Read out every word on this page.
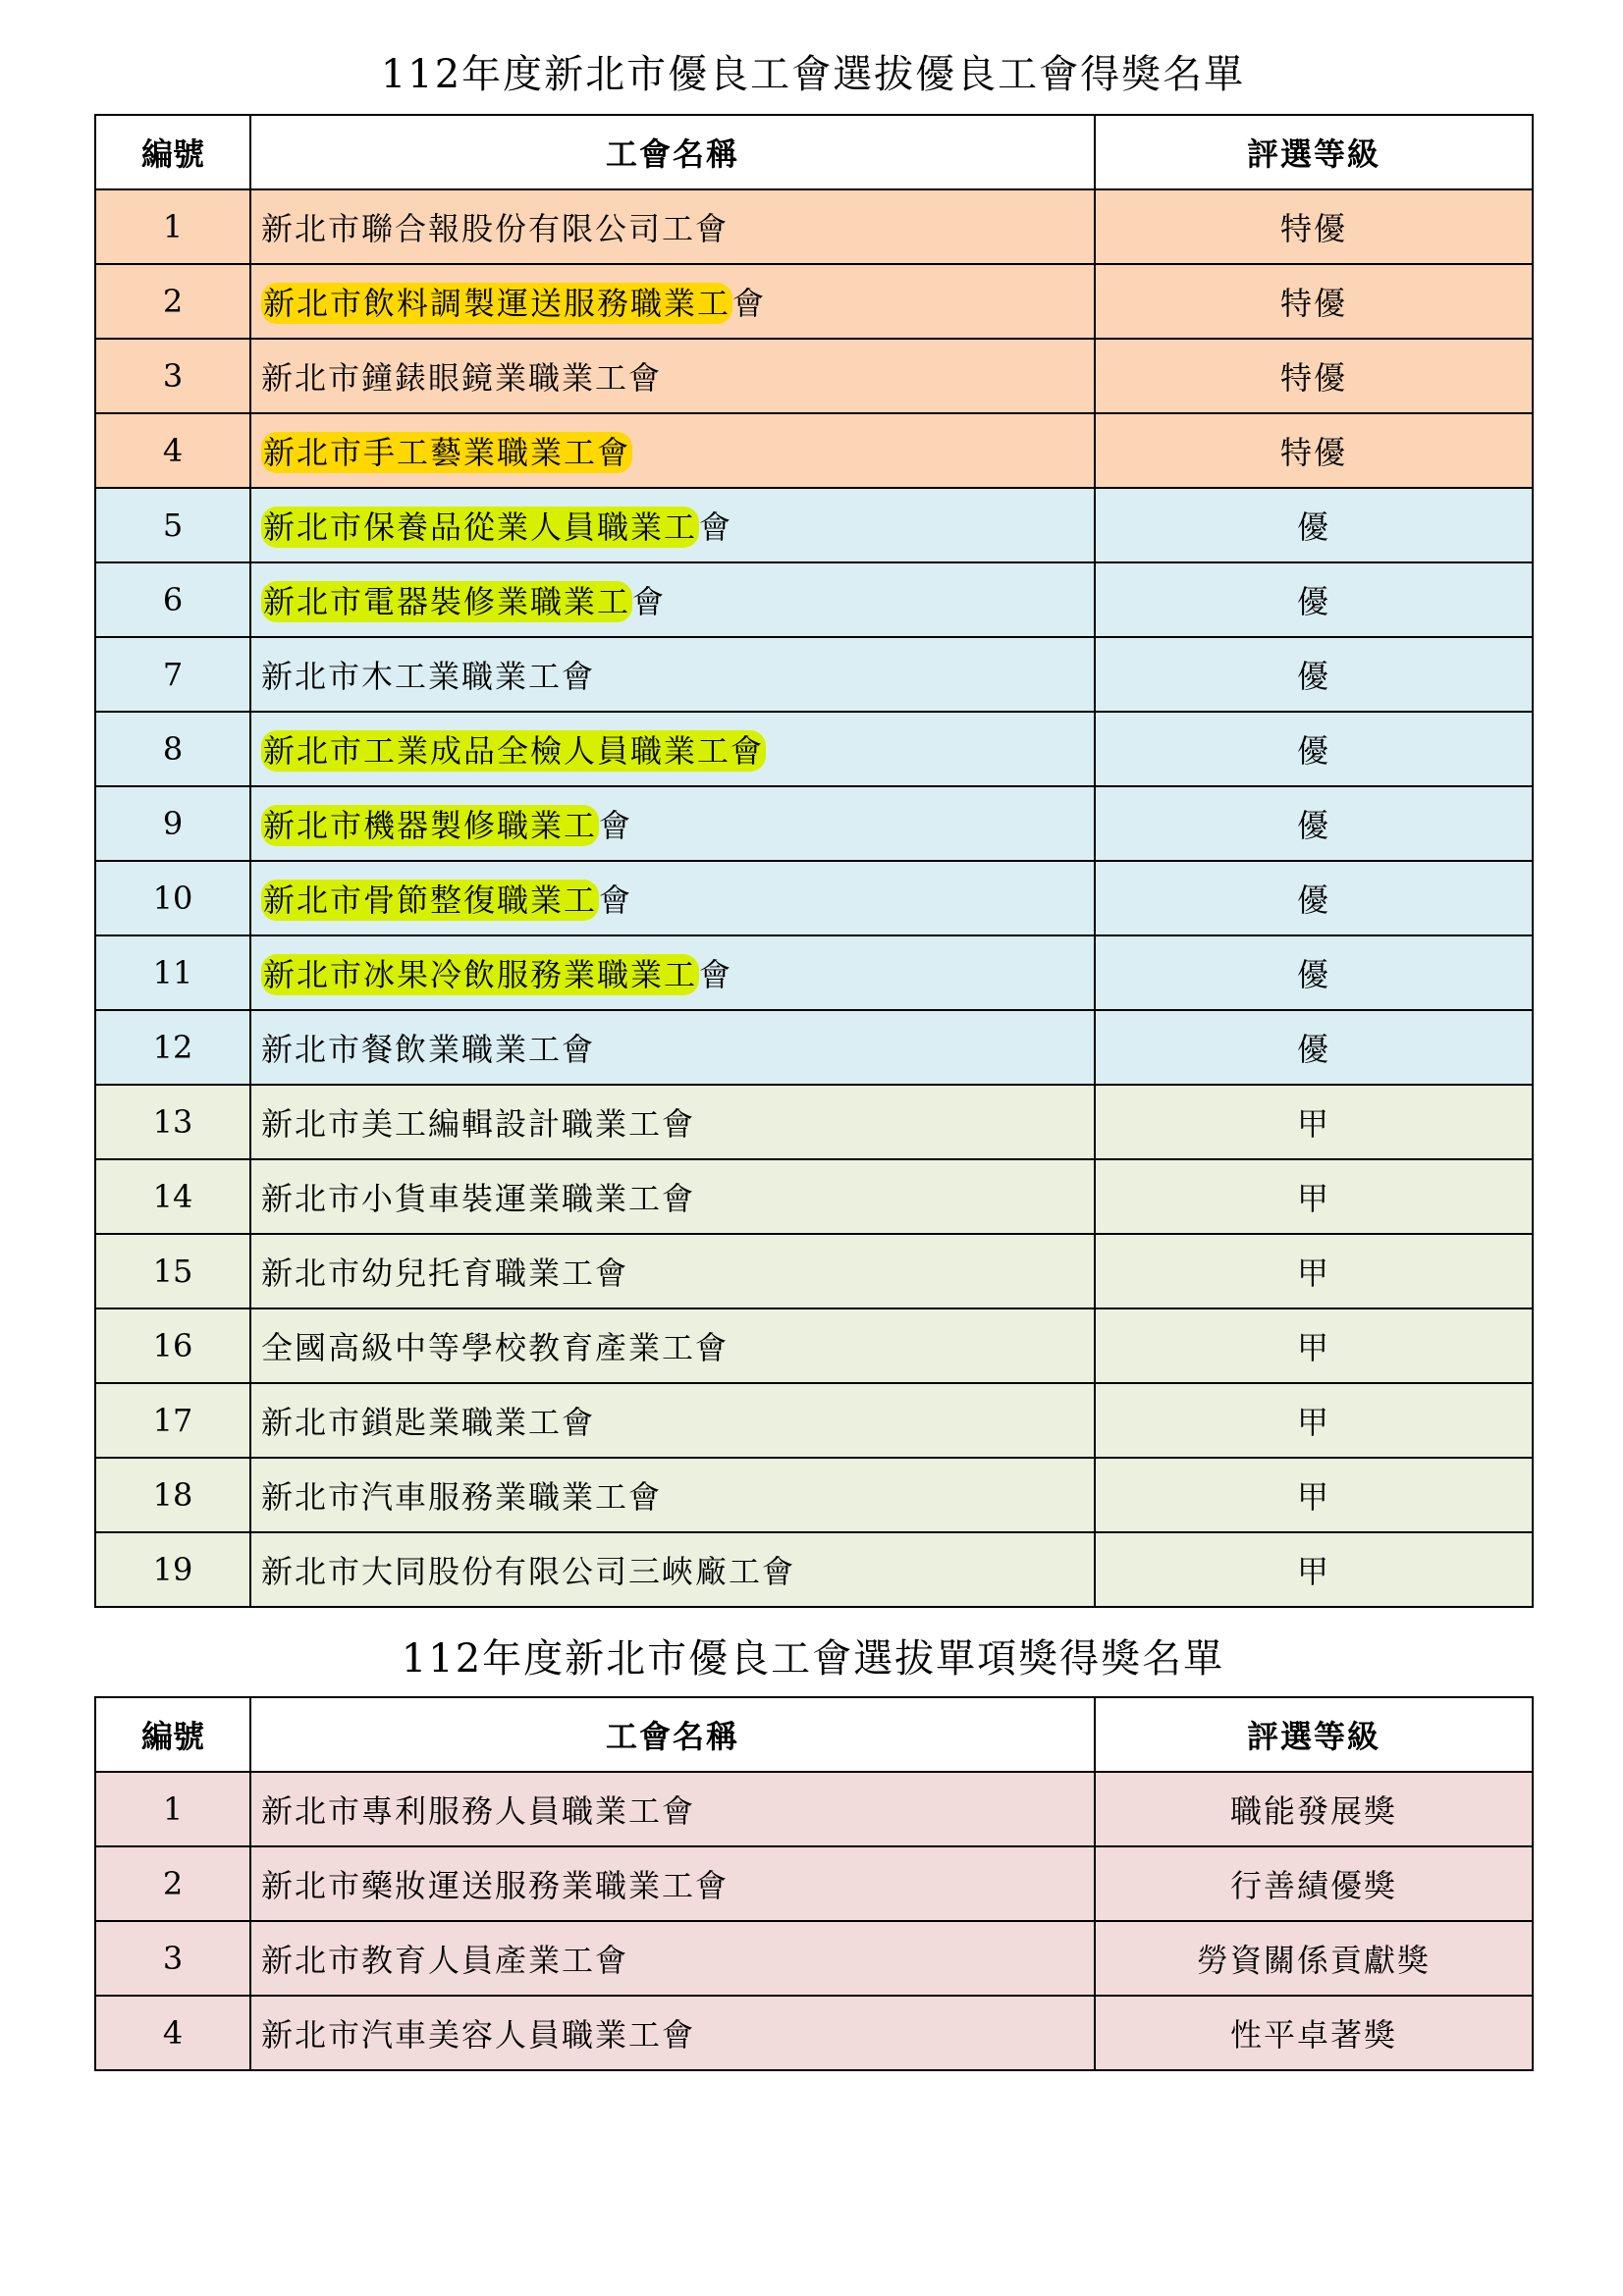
112年度新北市優良工會選拔優良工會得獎名單
編號	工會名稱	評選等級
1	新北市聯合報股份有限公司工會	特優
2	新北市飲料調製運送服務職業工會	特優
3	新北市鐘錶眼鏡業職業工會	特優
4	新北市手工藝業職業工會	特優
5	新北市保養品從業人員職業工會	優
6	新北市電器裝修業職業工會	優
7	新北市木工業職業工會	優
8	新北市工業成品全檢人員職業工會	優
9	新北市機器製修職業工會	優
10	新北市骨節整復職業工會	優
11	新北市冰果冷飲服務業職業工會	優
12	新北市餐飲業職業工會	優
13	新北市美工編輯設計職業工會	甲
14	新北市小貨車裝運業職業工會	甲
15	新北市幼兒托育職業工會	甲
16	全國高級中等學校教育產業工會	甲
17	新北市鎖匙業職業工會	甲
18	新北市汽車服務業職業工會	甲
19	新北市大同股份有限公司三峽廠工會	甲
112年度新北市優良工會選拔單項獎得獎名單
編號	工會名稱	評選等級
1	新北市專利服務人員職業工會	職能發展獎
2	新北市藥妝運送服務業職業工會	行善績優獎
3	新北市教育人員產業工會	勞資關係貢獻獎
4	新北市汽車美容人員職業工會	性平卓著獎
